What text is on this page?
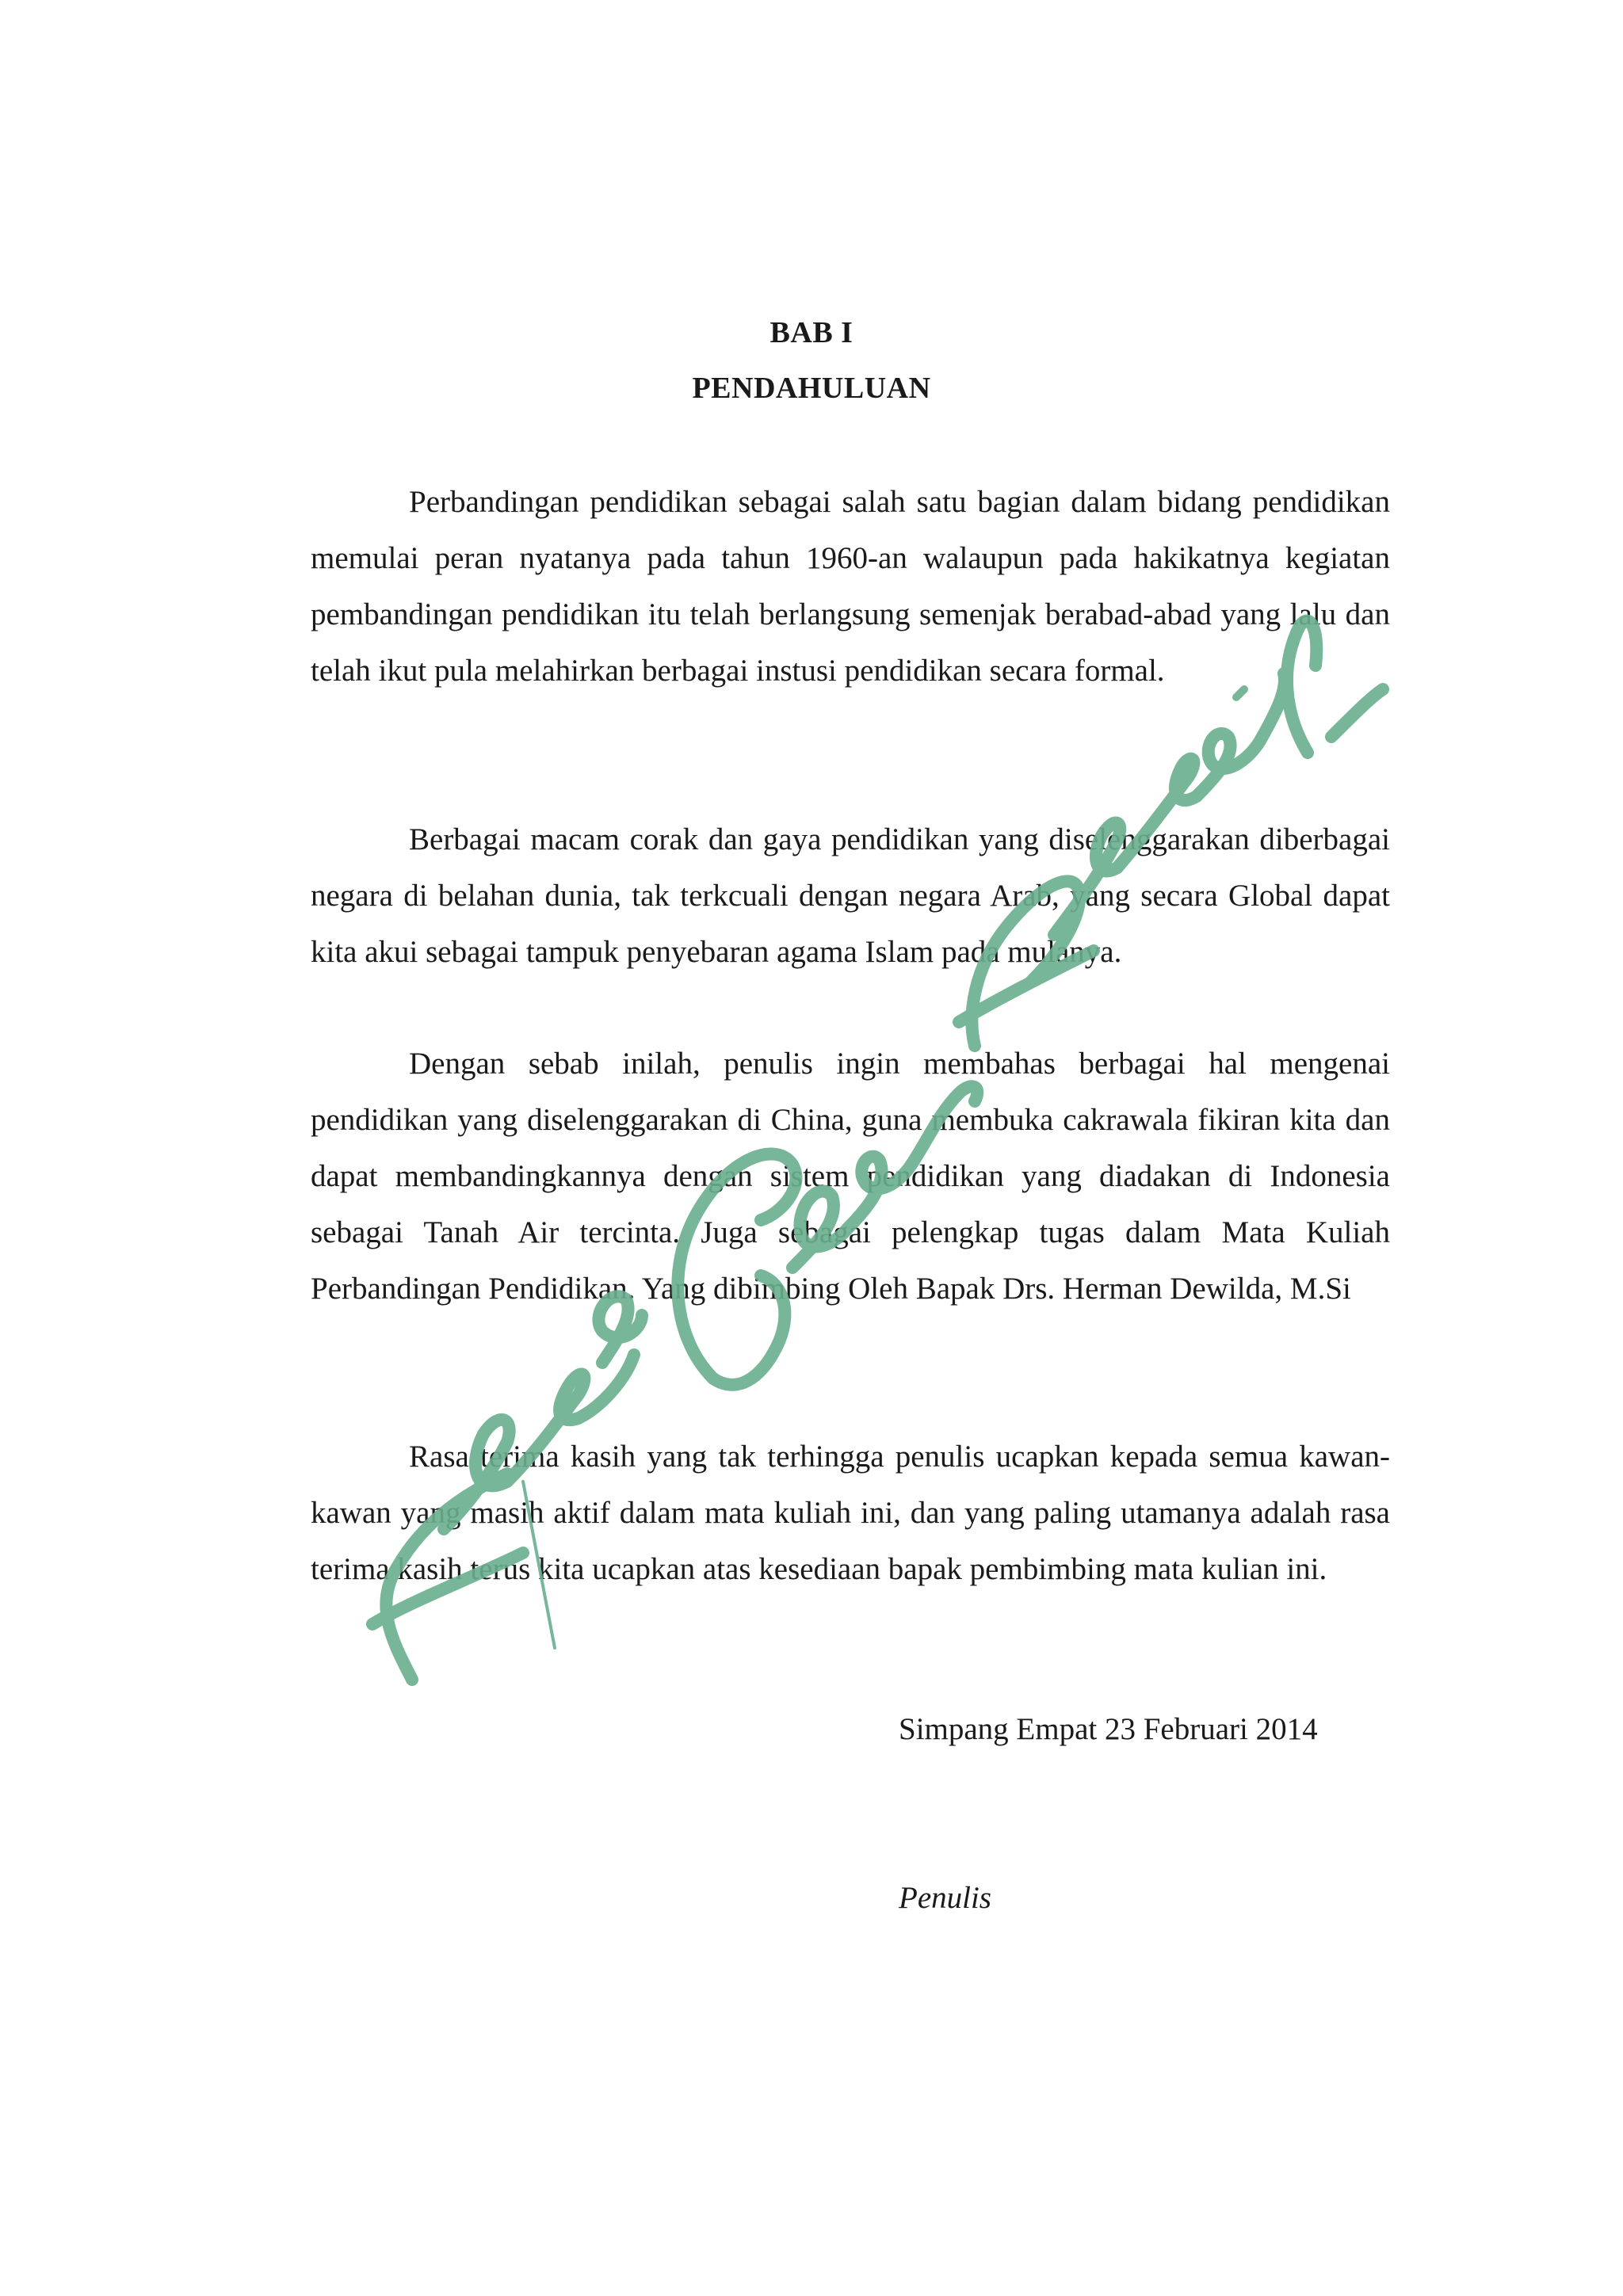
BAB I
PENDAHULUAN

Perbandingan pendidikan sebagai salah satu bagian dalam bidang pendidikan memulai peran nyatanya pada tahun 1960-an walaupun pada hakikatnya kegiatan pembandingan pendidikan itu telah berlangsung semenjak berabad-abad yang lalu dan telah ikut pula melahirkan berbagai instusi pendidikan secara formal.

Berbagai macam corak dan gaya pendidikan yang diselenggarakan diberbagai negara di belahan dunia, tak terkcuali dengan negara Arab, yang secara Global dapat kita akui sebagai tampuk penyebaran agama Islam pada mulanya.

Dengan sebab inilah, penulis ingin membahas berbagai hal mengenai pendidikan yang diselenggarakan di China, guna membuka cakrawala fikiran kita dan dapat membandingkannya dengan sistem pendidikan yang diadakan di Indonesia sebagai Tanah Air tercinta. Juga sebagai pelengkap tugas dalam Mata Kuliah Perbandingan Pendidikan. Yang dibimbing Oleh Bapak Drs. Herman Dewilda, M.Si

Rasa terima kasih yang tak terhingga penulis ucapkan kepada semua kawan-kawan yang masih aktif dalam mata kuliah ini, dan yang paling utamanya adalah rasa terima kasih terus kita ucapkan atas kesediaan bapak pembimbing mata kulian ini.

Simpang Empat 23 Februari 2014
Penulis
